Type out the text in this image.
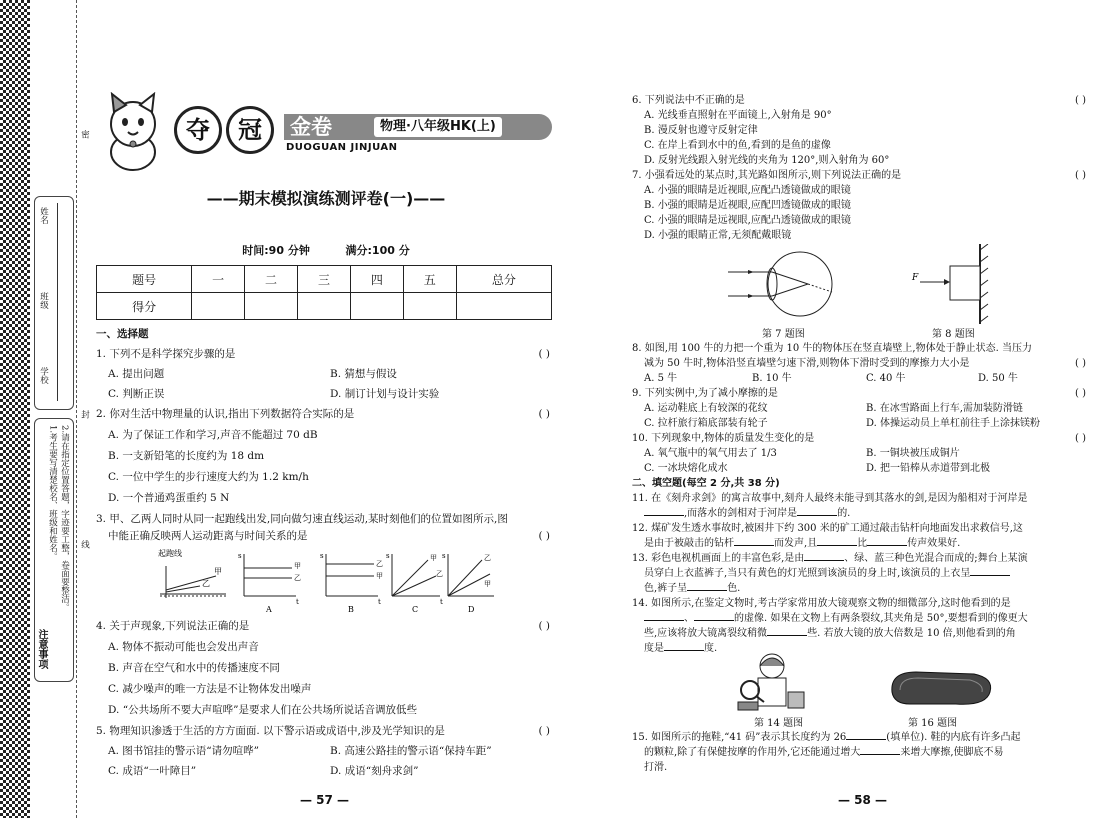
姓名
班级
学校
密
封
线
2.请在指定位置答题，字迹要工整，卷面要整洁。
1.考生要写清楚校名、班级和姓名。
注意事项
夺	冠	金卷	物理·八年级HK(上)
DUOGUAN JINJUAN
——期末模拟演练测评卷(一)——
时间:90 分钟	满分:100 分
题号	一	二	三	四	五	总分
得分						
一、选择题
1. 下列不是科学探究步骤的是	( )
A. 提出问题	B. 猜想与假设
C. 判断正误	D. 制订计划与设计实验
2. 你对生活中物理量的认识,指出下列数据符合实际的是	( )
A. 为了保证工作和学习,声音不能超过 70 dB
B. 一支新铅笔的长度约为 18 dm
C. 一位中学生的步行速度大约为 1.2 km/h
D. 一个普通鸡蛋重约 5 N
3. 甲、乙两人同时从同一起跑线出发,同向做匀速直线运动,某时刻他们的位置如图所示,图
中能正确反映两人运动距离与时间关系的是	( )
起跑线
甲
乙
s
t
甲
乙
A
s
t
乙
甲
B
s
t
甲
乙
C
s	乙
甲
D
4. 关于声现象,下列说法正确的是	( )
A. 物体不振动可能也会发出声音
B. 声音在空气和水中的传播速度不同
C. 减少噪声的唯一方法是不让物体发出噪声
D. “公共场所不要大声喧哗”是要求人们在公共场所说话音调放低些
5. 物理知识渗透于生活的方方面面. 以下警示语或成语中,涉及光学知识的是	( )
A. 图书馆挂的警示语“请勿喧哗”	B. 高速公路挂的警示语“保持车距”
C. 成语“一叶障目”	D. 成语“刻舟求剑”
— 57 —
6. 下列说法中不正确的是	( )
A. 光线垂直照射在平面镜上,入射角是 90°
B. 漫反射也遵守反射定律
C. 在岸上看到水中的鱼,看到的是鱼的虚像
D. 反射光线跟入射光线的夹角为 120°,则入射角为 60°
7. 小强看远处的某点时,其光路如图所示,则下列说法正确的是	( )
A. 小强的眼睛是近视眼,应配凸透镜做成的眼镜
B. 小强的眼睛是近视眼,应配凹透镜做成的眼镜
C. 小强的眼睛是远视眼,应配凸透镜做成的眼镜
D. 小强的眼睛正常,无须配戴眼镜
F
第 7 题图	第 8 题图
8. 如图,用 100 牛的力把一个重为 10 牛的物体压在竖直墙壁上,物体处于静止状态. 当压力
减为 50 牛时,物体沿竖直墙壁匀速下滑,则物体下滑时受到的摩擦力大小是	( )
A. 5 牛	B. 10 牛	C. 40 牛	D. 50 牛
9. 下列实例中,为了减小摩擦的是	( )
A. 运动鞋底上有较深的花纹	B. 在冰雪路面上行车,需加装防滑链
C. 拉杆旅行箱底部装有轮子	D. 体操运动员上单杠前往手上涂抹镁粉
10. 下列现象中,物体的质量发生变化的是	( )
A. 氧气瓶中的氧气用去了 1/3	B. 一铜块被压成铜片
C. 一冰块熔化成水	D. 把一铅棒从赤道带到北极
二、填空题(每空 2 分,共 38 分)
11. 在《刻舟求剑》的寓言故事中,刻舟人最终未能寻到其落水的剑,是因为船相对于河岸是
,而落水的剑相对于河岸是	的.
12. 煤矿发生透水事故时,被困井下约 300 米的矿工通过敲击钻杆向地面发出求救信号,这
是由于被敲击的钻杆	而发声,且	比	传声效果好.
13. 彩色电视机画面上的丰富色彩,是由	、绿、蓝三种色光混合而成的;舞台上某演
员穿白上衣蓝裤子,当只有黄色的灯光照到该演员的身上时,该演员的上衣呈
色,裤子呈	色.
14. 如图所示,在鉴定文物时,考古学家常用放大镜观察文物的细微部分,这时他看到的是
、	的虚像. 如果在文物上有两条裂纹,其夹角是 50°,要想看到的像更大
些,应该将放大镜离裂纹稍微	些. 若放大镜的放大倍数是 10 倍,则他看到的角
度是	度.
第 14 题图	第 16 题图
15. 如图所示的拖鞋,“41 码”表示其长度约为 26	(填单位). 鞋的内底有许多凸起
的颗粒,除了有保健按摩的作用外,它还能通过增大	来增大摩擦,使脚底不易
打滑.
— 58 —
